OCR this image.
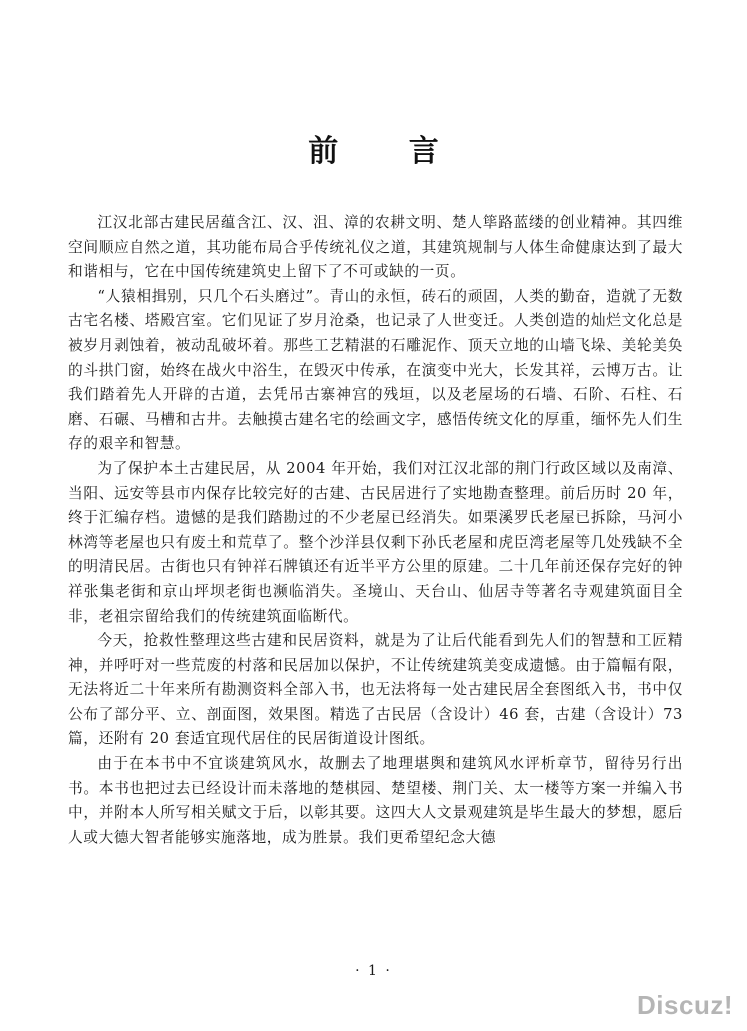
前 言

江汉北部古建民居蕴含江、汉、沮、漳的农耕文明、楚人筚路蓝缕的创业精神。其四维空间顺应自然之道，其功能布局合乎传统礼仪之道，其建筑规制与人体生命健康达到了最大和谐相与，它在中国传统建筑史上留下了不可或缺的一页。

“人猿相揖别，只几个石头磨过”。青山的永恒，砖石的顽固，人类的勤奋，造就了无数古宅名楼、塔殿宫室。它们见证了岁月沧桑，也记录了人世变迁。人类创造的灿烂文化总是被岁月剥蚀着，被动乱破坏着。那些工艺精湛的石雕泥作、顶天立地的山墙飞垛、美轮美奂的斗拱门窗，始终在战火中浴生，在毁灭中传承，在演变中光大，长发其祥，云博万古。让我们踏着先人开辟的古道，去凭吊古寨神宫的残垣，以及老屋场的石墙、石阶、石柱、石磨、石碾、马槽和古井。去触摸古建名宅的绘画文字，感悟传统文化的厚重，缅怀先人们生存的艰辛和智慧。

为了保护本土古建民居，从 2004 年开始，我们对江汉北部的荆门行政区域以及南漳、当阳、远安等县市内保存比较完好的古建、古民居进行了实地勘查整理。前后历时 20 年，终于汇编存档。遗憾的是我们踏勘过的不少老屋已经消失。如栗溪罗氏老屋已拆除，马河小林湾等老屋也只有废土和荒草了。整个沙洋县仅剩下孙氏老屋和虎臣湾老屋等几处残缺不全的明清民居。古街也只有钟祥石牌镇还有近半平方公里的原建。二十几年前还保存完好的钟祥张集老街和京山坪坝老街也濒临消失。圣境山、天台山、仙居寺等著名寺观建筑面目全非，老祖宗留给我们的传统建筑面临断代。

今天，抢救性整理这些古建和民居资料，就是为了让后代能看到先人们的智慧和工匠精神，并呼吁对一些荒废的村落和民居加以保护，不让传统建筑美变成遗憾。由于篇幅有限，无法将近二十年来所有勘测资料全部入书，也无法将每一处古建民居全套图纸入书，书中仅公布了部分平、立、剖面图，效果图。精选了古民居（含设计）46 套，古建（含设计）73 篇，还附有 20 套适宜现代居住的民居街道设计图纸。

由于在本书中不宜谈建筑风水，故删去了地理堪舆和建筑风水评析章节，留待另行出书。本书也把过去已经设计而未落地的楚棋园、楚望楼、荆门关、太一楼等方案一并编入书中，并附本人所写相关赋文于后，以彰其要。这四大人文景观建筑是毕生最大的梦想，愿后人或大德大智者能够实施落地，成为胜景。我们更希望纪念大德

· 1 ·
Discuz!
